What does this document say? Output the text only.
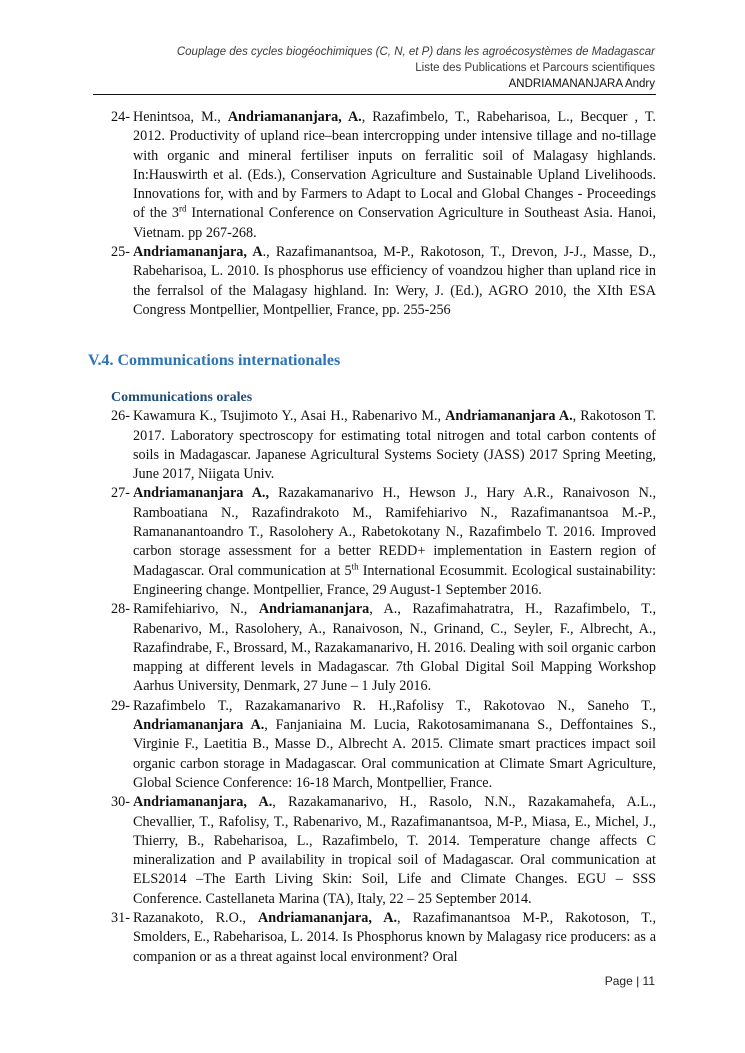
Couplage des cycles biogéochimiques (C, N, et P) dans les agroécosystèmes de Madagascar
Liste des Publications et Parcours scientifiques
ANDRIAMANANJARA Andry
24- Henintsoa, M., Andriamananjara, A., Razafimbelo, T., Rabeharisoa, L., Becquer , T. 2012. Productivity of upland rice–bean intercropping under intensive tillage and no-tillage with organic and mineral fertiliser inputs on ferralitic soil of Malagasy highlands. In:Hauswirth et al. (Eds.), Conservation Agriculture and Sustainable Upland Livelihoods. Innovations for, with and by Farmers to Adapt to Local and Global Changes - Proceedings of the 3rd International Conference on Conservation Agriculture in Southeast Asia. Hanoi, Vietnam. pp 267-268.
25- Andriamananjara, A., Razafimanantsoa, M-P., Rakotoson, T., Drevon, J-J., Masse, D., Rabeharisoa, L. 2010. Is phosphorus use efficiency of voandzou higher than upland rice in the ferralsol of the Malagasy highland. In: Wery, J. (Ed.), AGRO 2010, the XIth ESA Congress Montpellier, Montpellier, France, pp. 255-256
V.4. Communications internationales
Communications orales
26- Kawamura K., Tsujimoto Y., Asai H., Rabenarivo M., Andriamananjara A., Rakotoson T. 2017. Laboratory spectroscopy for estimating total nitrogen and total carbon contents of soils in Madagascar. Japanese Agricultural Systems Society (JASS) 2017 Spring Meeting, June 2017, Niigata Univ.
27- Andriamananjara A., Razakamanarivo H., Hewson J., Hary A.R., Ranaivoson N., Ramboatiana N., Razafindrakoto M., Ramifehiarivo N., Razafimanantsoa M.-P., Ramananantoandro T., Rasolohery A., Rabetokotany N., Razafimbelo T. 2016. Improved carbon storage assessment for a better REDD+ implementation in Eastern region of Madagascar. Oral communication at 5th International Ecosummit. Ecological sustainability: Engineering change. Montpellier, France, 29 August-1 September 2016.
28- Ramifehiarivo, N., Andriamananjara, A., Razafimahatratra, H., Razafimbelo, T., Rabenarivo, M., Rasolohery, A., Ranaivoson, N., Grinand, C., Seyler, F., Albrecht, A., Razafindrabe, F., Brossard, M., Razakamanarivo, H. 2016. Dealing with soil organic carbon mapping at different levels in Madagascar. 7th Global Digital Soil Mapping Workshop Aarhus University, Denmark, 27 June – 1 July 2016.
29- Razafimbelo T., Razakamanarivo R. H.,Rafolisy T., Rakotovao N., Saneho T., Andriamananjara A., Fanjaniaina M. Lucia, Rakotosamimanana S., Deffontaines S., Virginie F., Laetitia B., Masse D., Albrecht A. 2015. Climate smart practices impact soil organic carbon storage in Madagascar. Oral communication at Climate Smart Agriculture, Global Science Conference: 16-18 March, Montpellier, France.
30- Andriamananjara, A., Razakamanarivo, H., Rasolo, N.N., Razakamahefa, A.L., Chevallier, T., Rafolisy, T., Rabenarivo, M., Razafimanantsoa, M-P., Miasa, E., Michel, J., Thierry, B., Rabeharisoa, L., Razafimbelo, T. 2014. Temperature change affects C mineralization and P availability in tropical soil of Madagascar. Oral communication at ELS2014 –The Earth Living Skin: Soil, Life and Climate Changes. EGU – SSS Conference. Castellaneta Marina (TA), Italy, 22 – 25 September 2014.
31- Razanakoto, R.O., Andriamananjara, A., Razafimanantsoa M-P., Rakotoson, T., Smolders, E., Rabeharisoa, L. 2014. Is Phosphorus known by Malagasy rice producers: as a companion or as a threat against local environment? Oral
Page | 11
